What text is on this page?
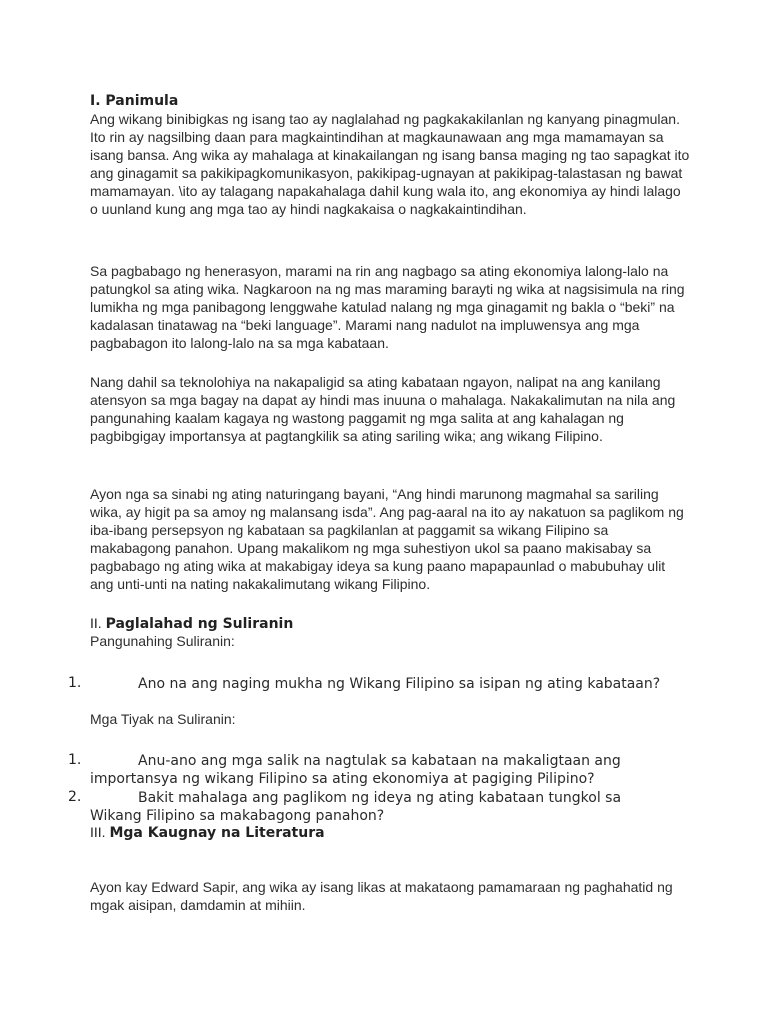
I. Panimula

Ang wikang binibigkas ng isang tao ay naglalahad ng pagkakakilanlan ng kanyang pinagmulan. Ito rin ay nagsilbing daan para magkaintindihan at magkaunawaan ang mga mamamayan sa isang bansa. Ang wika ay mahalaga at kinakailangan ng isang bansa maging ng tao sapagkat ito ang ginagamit sa pakikipagkomunikasyon, pakikipag-ugnayan at pakikipag-talastasan ng bawat mamamayan. \ito ay talagang napakahalaga dahil kung wala ito, ang ekonomiya ay hindi lalago o uunland kung ang mga tao ay hindi nagkakaisa o nagkakaintindihan.

Sa pagbabago ng henerasyon, marami na rin ang nagbago sa ating ekonomiya lalong-lalo na patungkol sa ating wika. Nagkaroon na ng mas maraming barayti ng wika at nagsisimula na ring lumikha ng mga panibagong lenggwahe katulad nalang ng mga ginagamit ng bakla o “beki” na kadalasan tinatawag na “beki language”. Marami nang nadulot na impluwensya ang mga pagbabagon ito lalong-lalo na sa mga kabataan.

Nang dahil sa teknolohiya na nakapaligid sa ating kabataan ngayon, nalipat na ang kanilang atensyon sa mga bagay na dapat ay hindi mas inuuna o mahalaga. Nakakalimutan na nila ang pangunahing kaalam kagaya ng wastong paggamit ng mga salita at ang kahalagan ng pagbibgigay importansya at pagtangkilik sa ating sariling wika; ang wikang Filipino.

Ayon nga sa sinabi ng ating naturingang bayani, “Ang hindi marunong magmahal sa sariling wika, ay higit pa sa amoy ng malansang isda”. Ang pag-aaral na ito ay nakatuon sa paglikom ng iba-ibang persepsyon ng kabataan sa pagkilanlan at paggamit sa wikang Filipino sa makabagong panahon. Upang makalikom ng mga suhestiyon ukol sa paano makisabay sa pagbabago ng ating wika at makabigay ideya sa kung paano mapapaunlad o mabubuhay ulit ang unti-unti na nating nakakalimutang wikang Filipino.

II. Paglalahad ng Suliranin
Pangunahing Suliranin:
1.	Ano na ang naging mukha ng Wikang Filipino sa isipan ng ating kabataan?

Mga Tiyak na Suliranin:
1.	Anu-ano ang mga salik na nagtulak sa kabataan na makaligtaan ang importansya ng wikang Filipino sa ating ekonomiya at pagiging Pilipino?

2.	Bakit mahalaga ang paglikom ng ideya ng ating kabataan tungkol sa Wikang Filipino sa makabagong panahon?

III. Mga Kaugnay na Literatura

Ayon kay Edward Sapir, ang wika ay isang likas at makataong pamamaraan ng paghahatid ng mgak aisipan, damdamin at mihiin.
